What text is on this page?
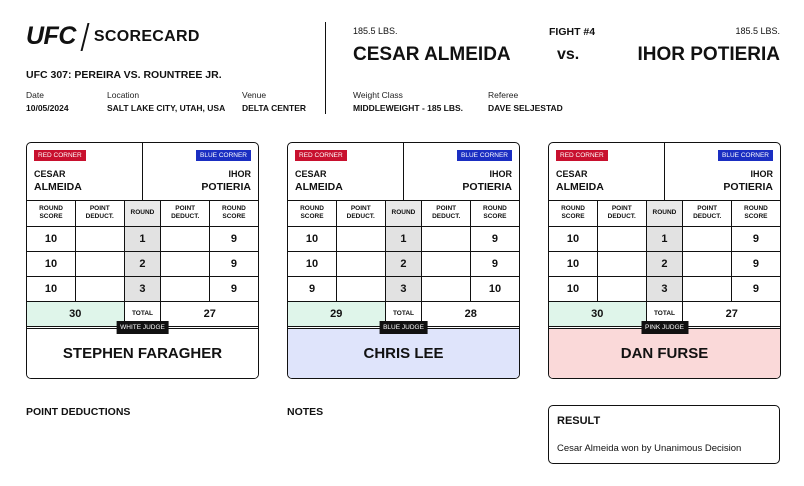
UFC SCORECARD
UFC 307: PEREIRA VS. ROUNTREE JR.
Date
10/05/2024
Location
SALT LAKE CITY, UTAH, USA
Venue
DELTA CENTER
185.5 LBS.	FIGHT #4	185.5 LBS.
CESAR ALMEIDA	vs.	IHOR POTIERIA
Weight Class
MIDDLEWEIGHT - 185 LBS.
Referee
DAVE SELJESTAD
RED CORNER
CESAR
ALMEIDA
BLUE CORNER
IHOR
POTIERIA
ROUND SCORE	POINT DEDUCT.	ROUND	POINT DEDUCT.	ROUND SCORE
10		1		9
10		2		9
10		3		9
30		TOTAL	27	
WHITE JUDGE
STEPHEN FARAGHER
RED CORNER
CESAR
ALMEIDA
BLUE CORNER
IHOR
POTIERIA
ROUND SCORE	POINT DEDUCT.	ROUND	POINT DEDUCT.	ROUND SCORE
10		1		9
10		2		9
9		3		10
29		TOTAL	28	
BLUE JUDGE
CHRIS LEE
RED CORNER
CESAR
ALMEIDA
BLUE CORNER
IHOR
POTIERIA
ROUND SCORE	POINT DEDUCT.	ROUND	POINT DEDUCT.	ROUND SCORE
10		1		9
10		2		9
10		3		9
30		TOTAL	27	
PINK JUDGE
DAN FURSE
POINT DEDUCTIONS	NOTES
RESULT
Cesar Almeida won by Unanimous Decision
